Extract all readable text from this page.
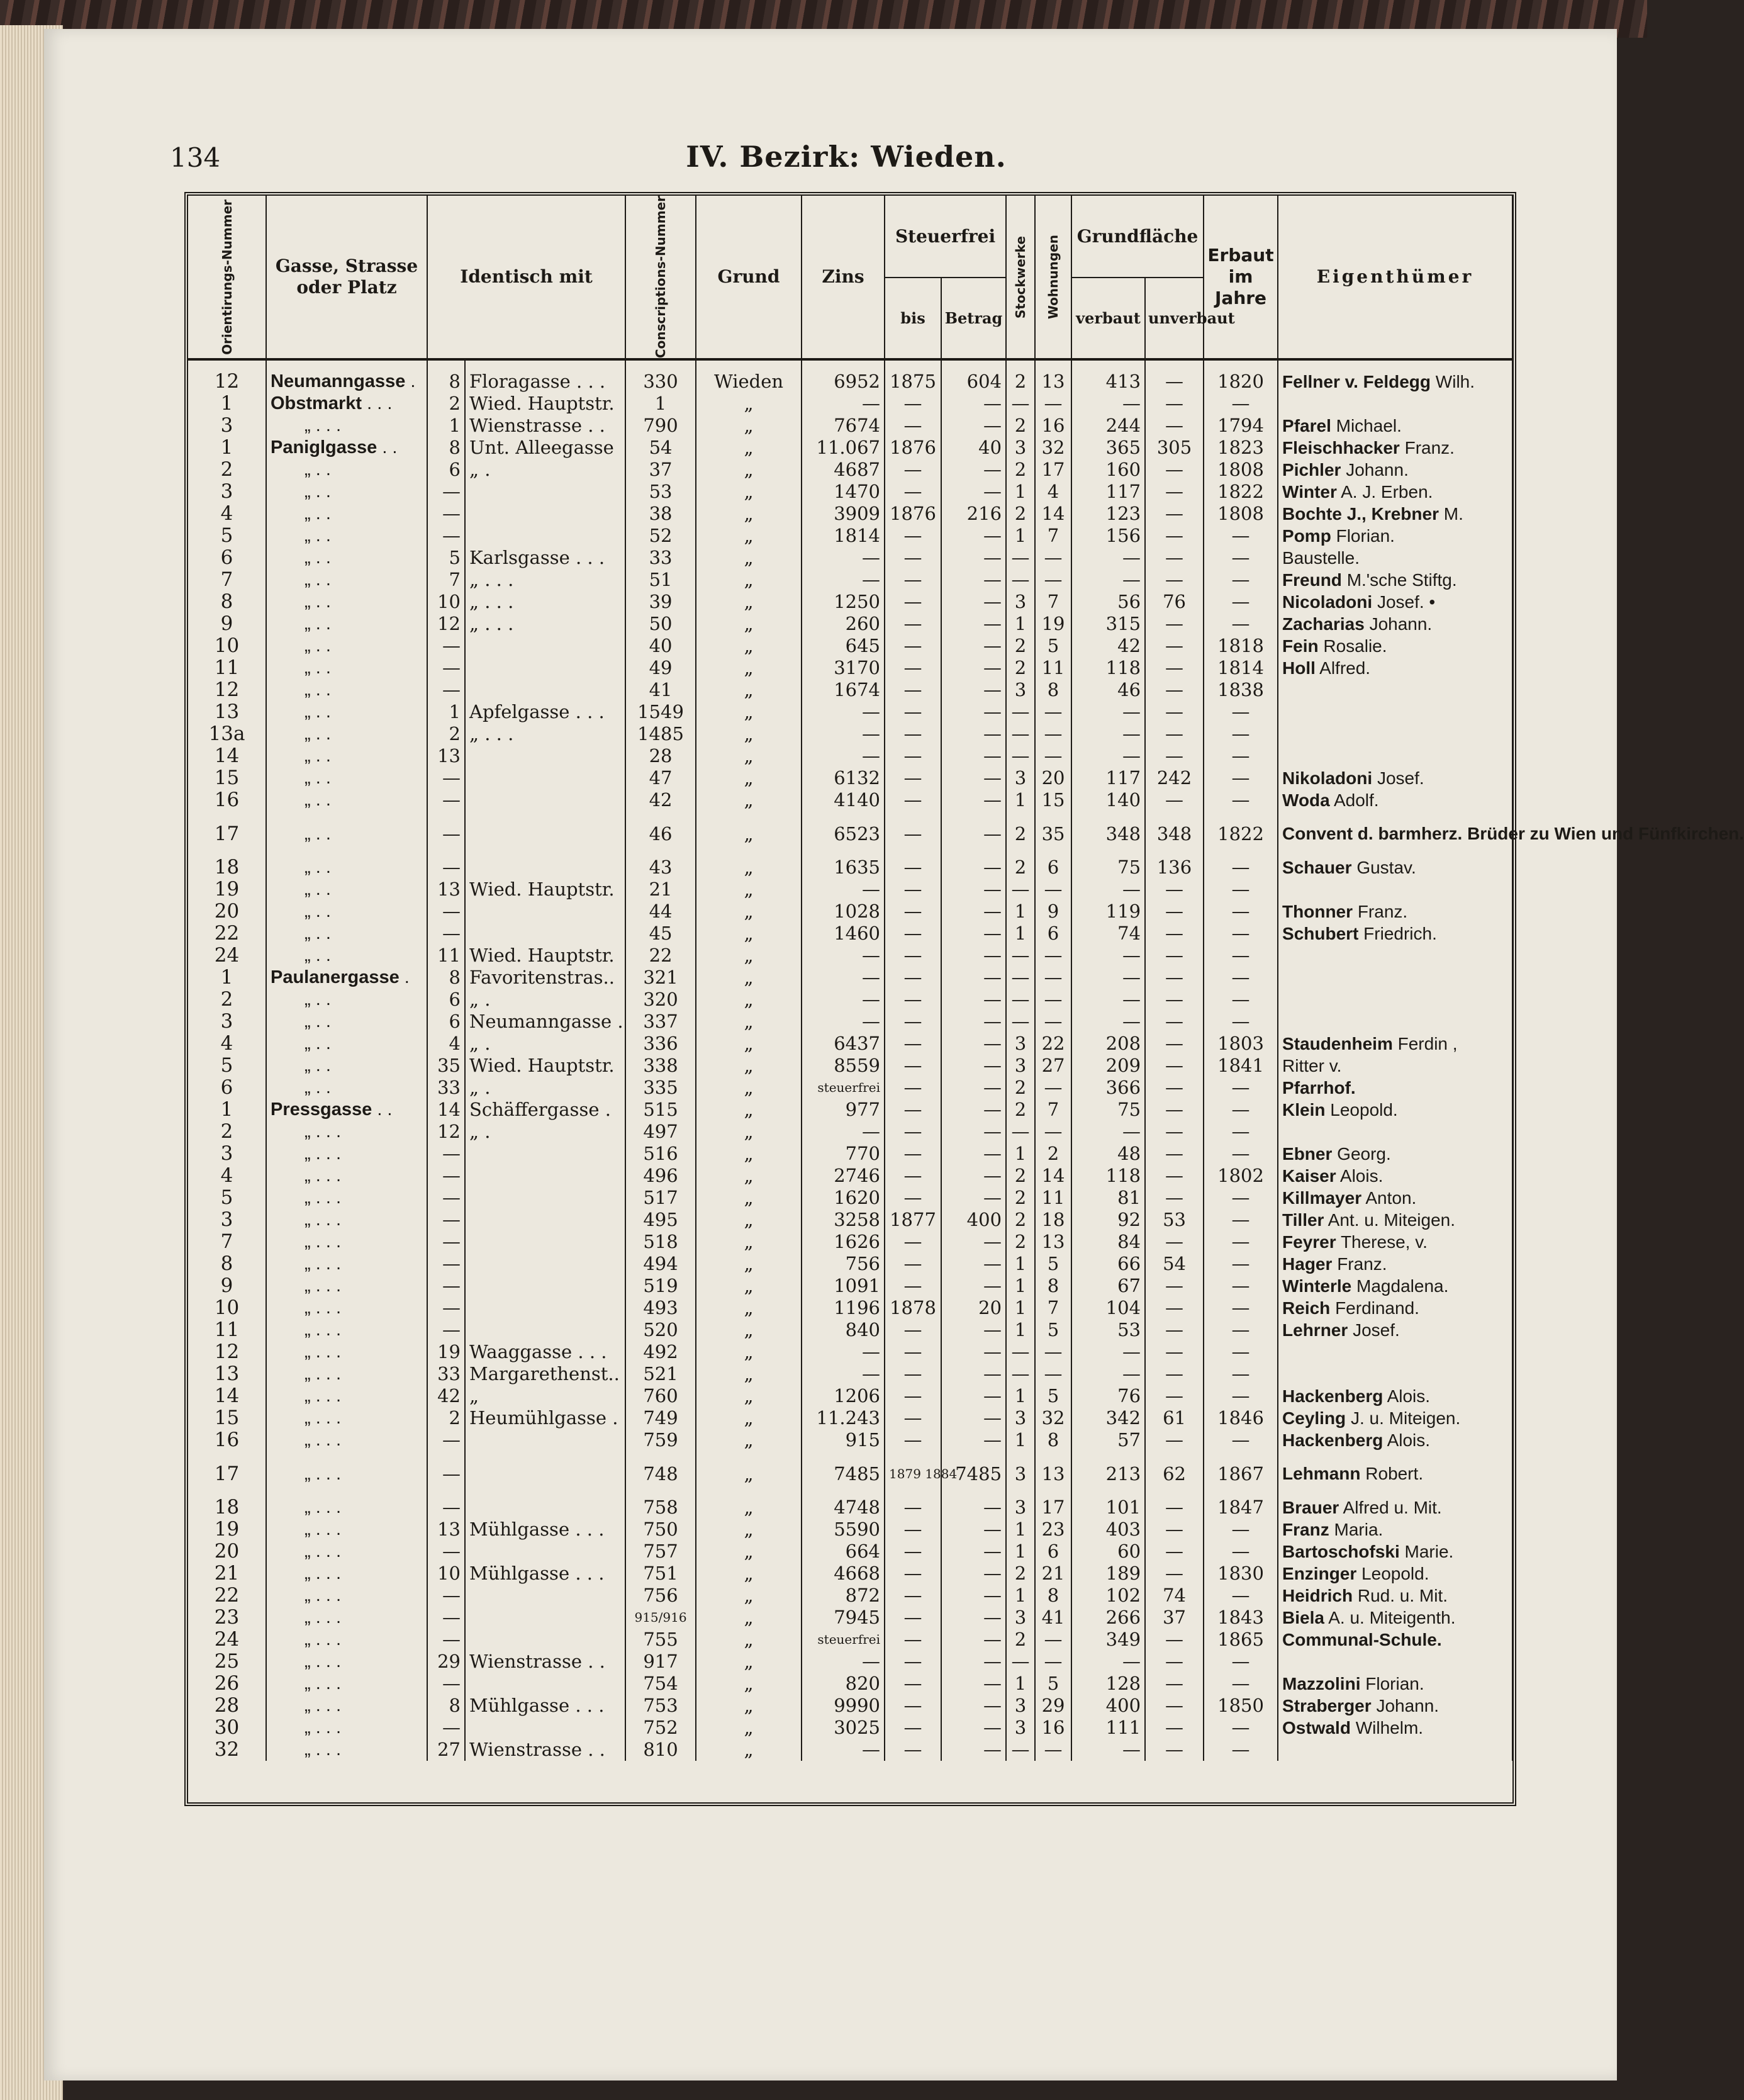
134	IV. Bezirk: Wieden.
Orientirungs-Nummer	Gasse, Strasse oder Platz	Identisch mit		Conscriptions-Nummer	Grund	Zins	Steuerfrei		Stockwerke	Wohnungen	Grundfläche		Erbaut im Jahre	Eigenthümer
							bis	Betrag			verbaut	unverbaut		
12	Neumanngasse .	8	Floragasse . . .	330	Wieden	6952	1875	604	2	13	413	—	1820	Fellner v. Feldegg Wilh.
1	Obstmarkt . . .	2	Wied. Hauptstr.	1	„	—	—	—	—	—	—	—	—	
3	„ . . .	1	Wienstrasse . .	790	„	7674	—	—	2	16	244	—	1794	Pfarel Michael.
1	Paniglgasse . .	8	Unt. Alleegasse	54	„	11.067	1876	40	3	32	365	305	1823	Fleischhacker Franz.
2	„ . .	6	„ .	37	„	4687	—	—	2	17	160	—	1808	Pichler Johann.
3	„ . .	—		53	„	1470	—	—	1	4	117	—	1822	Winter A. J. Erben.
4	„ . .	—		38	„	3909	1876	216	2	14	123	—	1808	Bochte J., Krebner M.
5	„ . .	—		52	„	1814	—	—	1	7	156	—	—	Pomp Florian.
6	„ . .	5	Karlsgasse . . .	33	„	—	—	—	—	—	—	—	—	Baustelle.
7	„ . .	7	„ . . .	51	„	—	—	—	—	—	—	—	—	Freund M.'sche Stiftg.
8	„ . .	10	„ . . .	39	„	1250	—	—	3	7	56	76	—	Nicoladoni Josef. •
9	„ . .	12	„ . . .	50	„	260	—	—	1	19	315	—	—	Zacharias Johann.
10	„ . .	—		40	„	645	—	—	2	5	42	—	1818	Fein Rosalie.
11	„ . .	—		49	„	3170	—	—	2	11	118	—	1814	Holl Alfred.
12	„ . .	—		41	„	1674	—	—	3	8	46	—	1838	
13	„ . .	1	Apfelgasse . . .	1549	„	—	—	—	—	—	—	—	—	
13a	„ . .	2	„ . . .	1485	„	—	—	—	—	—	—	—	—	
14	„ . .	13		28	„	—	—	—	—	—	—	—	—	
15	„ . .	—		47	„	6132	—	—	3	20	117	242	—	Nikoladoni Josef.
16	„ . .	—		42	„	4140	—	—	1	15	140	—	—	Woda Adolf.
17	„ . .	—		46	„	6523	—	—	2	35	348	348	1822	Convent d. barmherz. Brüder zu Wien und Fünfkirchen.
18	„ . .	—		43	„	1635	—	—	2	6	75	136	—	Schauer Gustav.
19	„ . .	13	Wied. Hauptstr.	21	„	—	—	—	—	—	—	—	—	
20	„ . .	—		44	„	1028	—	—	1	9	119	—	—	Thonner Franz.
22	„ . .	—		45	„	1460	—	—	1	6	74	—	—	Schubert Friedrich.
24	„ . .	11	Wied. Hauptstr.	22	„	—	—	—	—	—	—	—	—	
1	Paulanergasse .	8	Favoritenstras..	321	„	—	—	—	—	—	—	—	—	
2	„ . .	6	„ .	320	„	—	—	—	—	—	—	—	—	
3	„ . .	6	Neumanngasse .	337	„	—	—	—	—	—	—	—	—	
4	„ . .	4	„ .	336	„	6437	—	—	3	22	208	—	1803	Staudenheim Ferdin ,
5	„ . .	35	Wied. Hauptstr.	338	„	8559	—	—	3	27	209	—	1841	Ritter v.
6	„ . .	33	„ .	335	„	steuerfrei	—	—	2	—	366	—	—	Pfarrhof.
1	Pressgasse . .	14	Schäffergasse .	515	„	977	—	—	2	7	75	—	—	Klein Leopold.
2	„ . . .	12	„ .	497	„	—	—	—	—	—	—	—	—	
3	„ . . .	—		516	„	770	—	—	1	2	48	—	—	Ebner Georg.
4	„ . . .	—		496	„	2746	—	—	2	14	118	—	1802	Kaiser Alois.
5	„ . . .	—		517	„	1620	—	—	2	11	81	—	—	Killmayer Anton.
3	„ . . .	—		495	„	3258	1877	400	2	18	92	53	—	Tiller Ant. u. Miteigen.
7	„ . . .	—		518	„	1626	—	—	2	13	84	—	—	Feyrer Therese, v.
8	„ . . .	—		494	„	756	—	—	1	5	66	54	—	Hager Franz.
9	„ . . .	—		519	„	1091	—	—	1	8	67	—	—	Winterle Magdalena.
10	„ . . .	—		493	„	1196	1878	20	1	7	104	—	—	Reich Ferdinand.
11	„ . . .	—		520	„	840	—	—	1	5	53	—	—	Lehrner Josef.
12	„ . . .	19	Waaggasse . . .	492	„	—	—	—	—	—	—	—	—	
13	„ . . .	33	Margarethenst..	521	„	—	—	—	—	—	—	—	—	
14	„ . . .	42	„	760	„	1206	—	—	1	5	76	—	—	Hackenberg Alois.
15	„ . . .	2	Heumühlgasse .	749	„	11.243	—	—	3	32	342	61	1846	Ceyling J. u. Miteigen.
16	„ . . .	—		759	„	915	—	—	1	8	57	—	—	Hackenberg Alois.
17	„ . . .	—		748	„	7485	1879 1884	7485	3	13	213	62	1867	Lehmann Robert.
18	„ . . .	—		758	„	4748	—	—	3	17	101	—	1847	Brauer Alfred u. Mit.
19	„ . . .	13	Mühlgasse . . .	750	„	5590	—	—	1	23	403	—	—	Franz Maria.
20	„ . . .	—		757	„	664	—	—	1	6	60	—	—	Bartoschofski Marie.
21	„ . . .	10	Mühlgasse . . .	751	„	4668	—	—	2	21	189	—	1830	Enzinger Leopold.
22	„ . . .	—		756	„	872	—	—	1	8	102	74	—	Heidrich Rud. u. Mit.
23	„ . . .	—		915/916	„	7945	—	—	3	41	266	37	1843	Biela A. u. Miteigenth.
24	„ . . .	—		755	„	steuerfrei	—	—	2	—	349	—	1865	Communal-Schule.
25	„ . . .	29	Wienstrasse . .	917	„	—	—	—	—	—	—	—	—	
26	„ . . .	—		754	„	820	—	—	1	5	128	—	—	Mazzolini Florian.
28	„ . . .	8	Mühlgasse . . .	753	„	9990	—	—	3	29	400	—	1850	Straberger Johann.
30	„ . . .	—		752	„	3025	—	—	3	16	111	—	—	Ostwald Wilhelm.
32	„ . . .	27	Wienstrasse . .	810	„	—	—	—	—	—	—	—	—	
